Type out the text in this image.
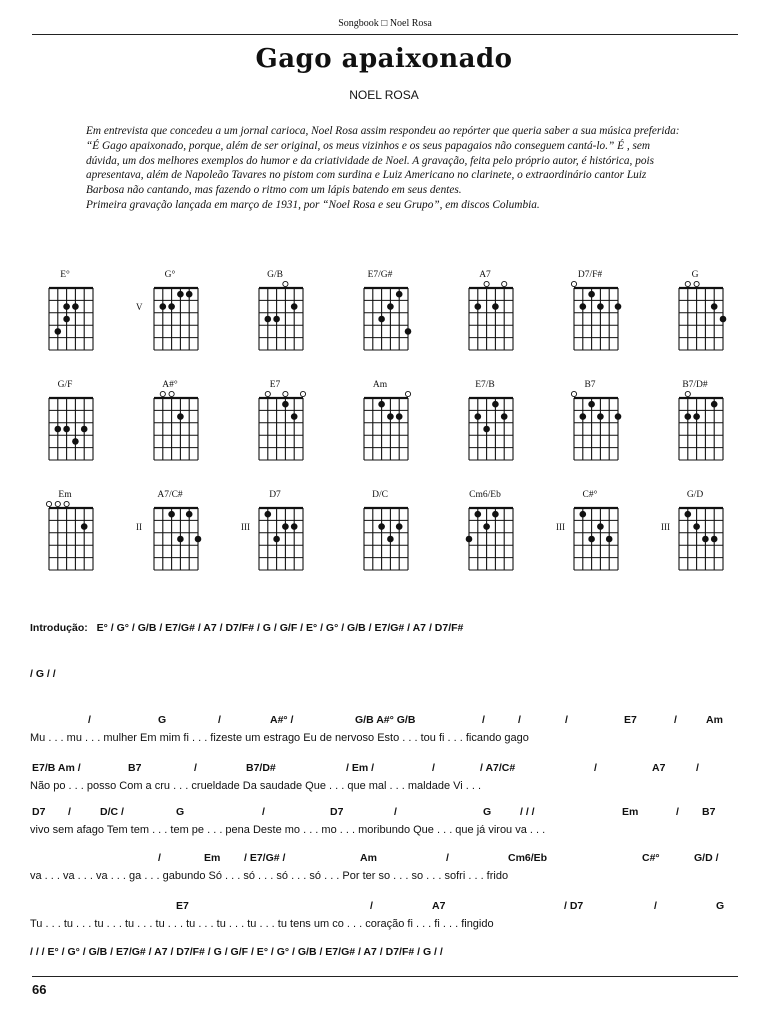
Songbook □ Noel Rosa
Gago apaixonado
NOEL ROSA

Em entrevista que concedeu a um jornal carioca, Noel Rosa assim respondeu ao repórter que queria saber a sua música preferida: “É Gago apaixonado, porque, além de ser original, os meus vizinhos e os seus papagaios não conseguem cantá-lo.” É , sem dúvida, um dos melhores exemplos do humor e da criatividade de Noel. A gravação, feita pelo próprio autor, é histórica, pois apresentava, além de Napoleão Tavares no pistom com surdina e Luiz Americano no clarinete, o extraordinário cantor Luiz Barbosa não cantando, mas fazendo o ritmo com um lápis batendo em seus dentes.

Primeira gravação lançada em março de 1931, por “Noel Rosa e seu Grupo”, em discos Columbia.

E°	G°
V
G/B	E7/G#	A7	D7/F#	G
G/F	A#°	E7	Am	E7/B	B7	B7/D#
Em	A7/C#
II
D7
III
D/C	Cm6/Eb	C#°
III
G/D
III
Introdução: E° / G° / G/B / E7/G# / A7 / D7/F# / G / G/F / E° / G° / G/B / E7/G# / A7 / D7/F#
/ G / /
/	G	/	A#° /	G/B A#° G/B	/	/	/	E7	/	Am
Mu . . . mu . . . mulher Em mim fi . . . fizeste um estrago Eu de nervoso Esto . . . tou fi . . . ficando gago
E7/B Am /	B7	/	B7/D#	/ Em /	/	/ A7/C#	/	A7	/
Não po . . . posso Com a cru . . . crueldade Da saudade Que . . . que mal . . . maldade Vi . . .
D7 /	D/C /	G	/	D7	/	G	/ / /	Em	/ B7
vivo sem afago Tem tem . . . tem pe . . . pena Deste mo . . . mo . . . moribundo Que . . . que já virou va . . .
/	Em / E7/G# /	Am	/	Cm6/Eb	C#°	G/D /
va . . . va . . . va . . . ga . . . gabundo Só . . . só . . . só . . . só . . . Por ter so . . . so . . . sofri . . . frido
E7	/	A7	/ D7	/	G
Tu . . . tu . . . tu . . . tu . . . tu . . . tu . . . tu . . . tu . . . tu tens um co . . . coração fi . . . fi . . . fingido
/ / / E° / G° / G/B / E7/G# / A7 / D7/F# / G / G/F / E° / G° / G/B / E7/G# / A7 / D7/F# / G / /
66
